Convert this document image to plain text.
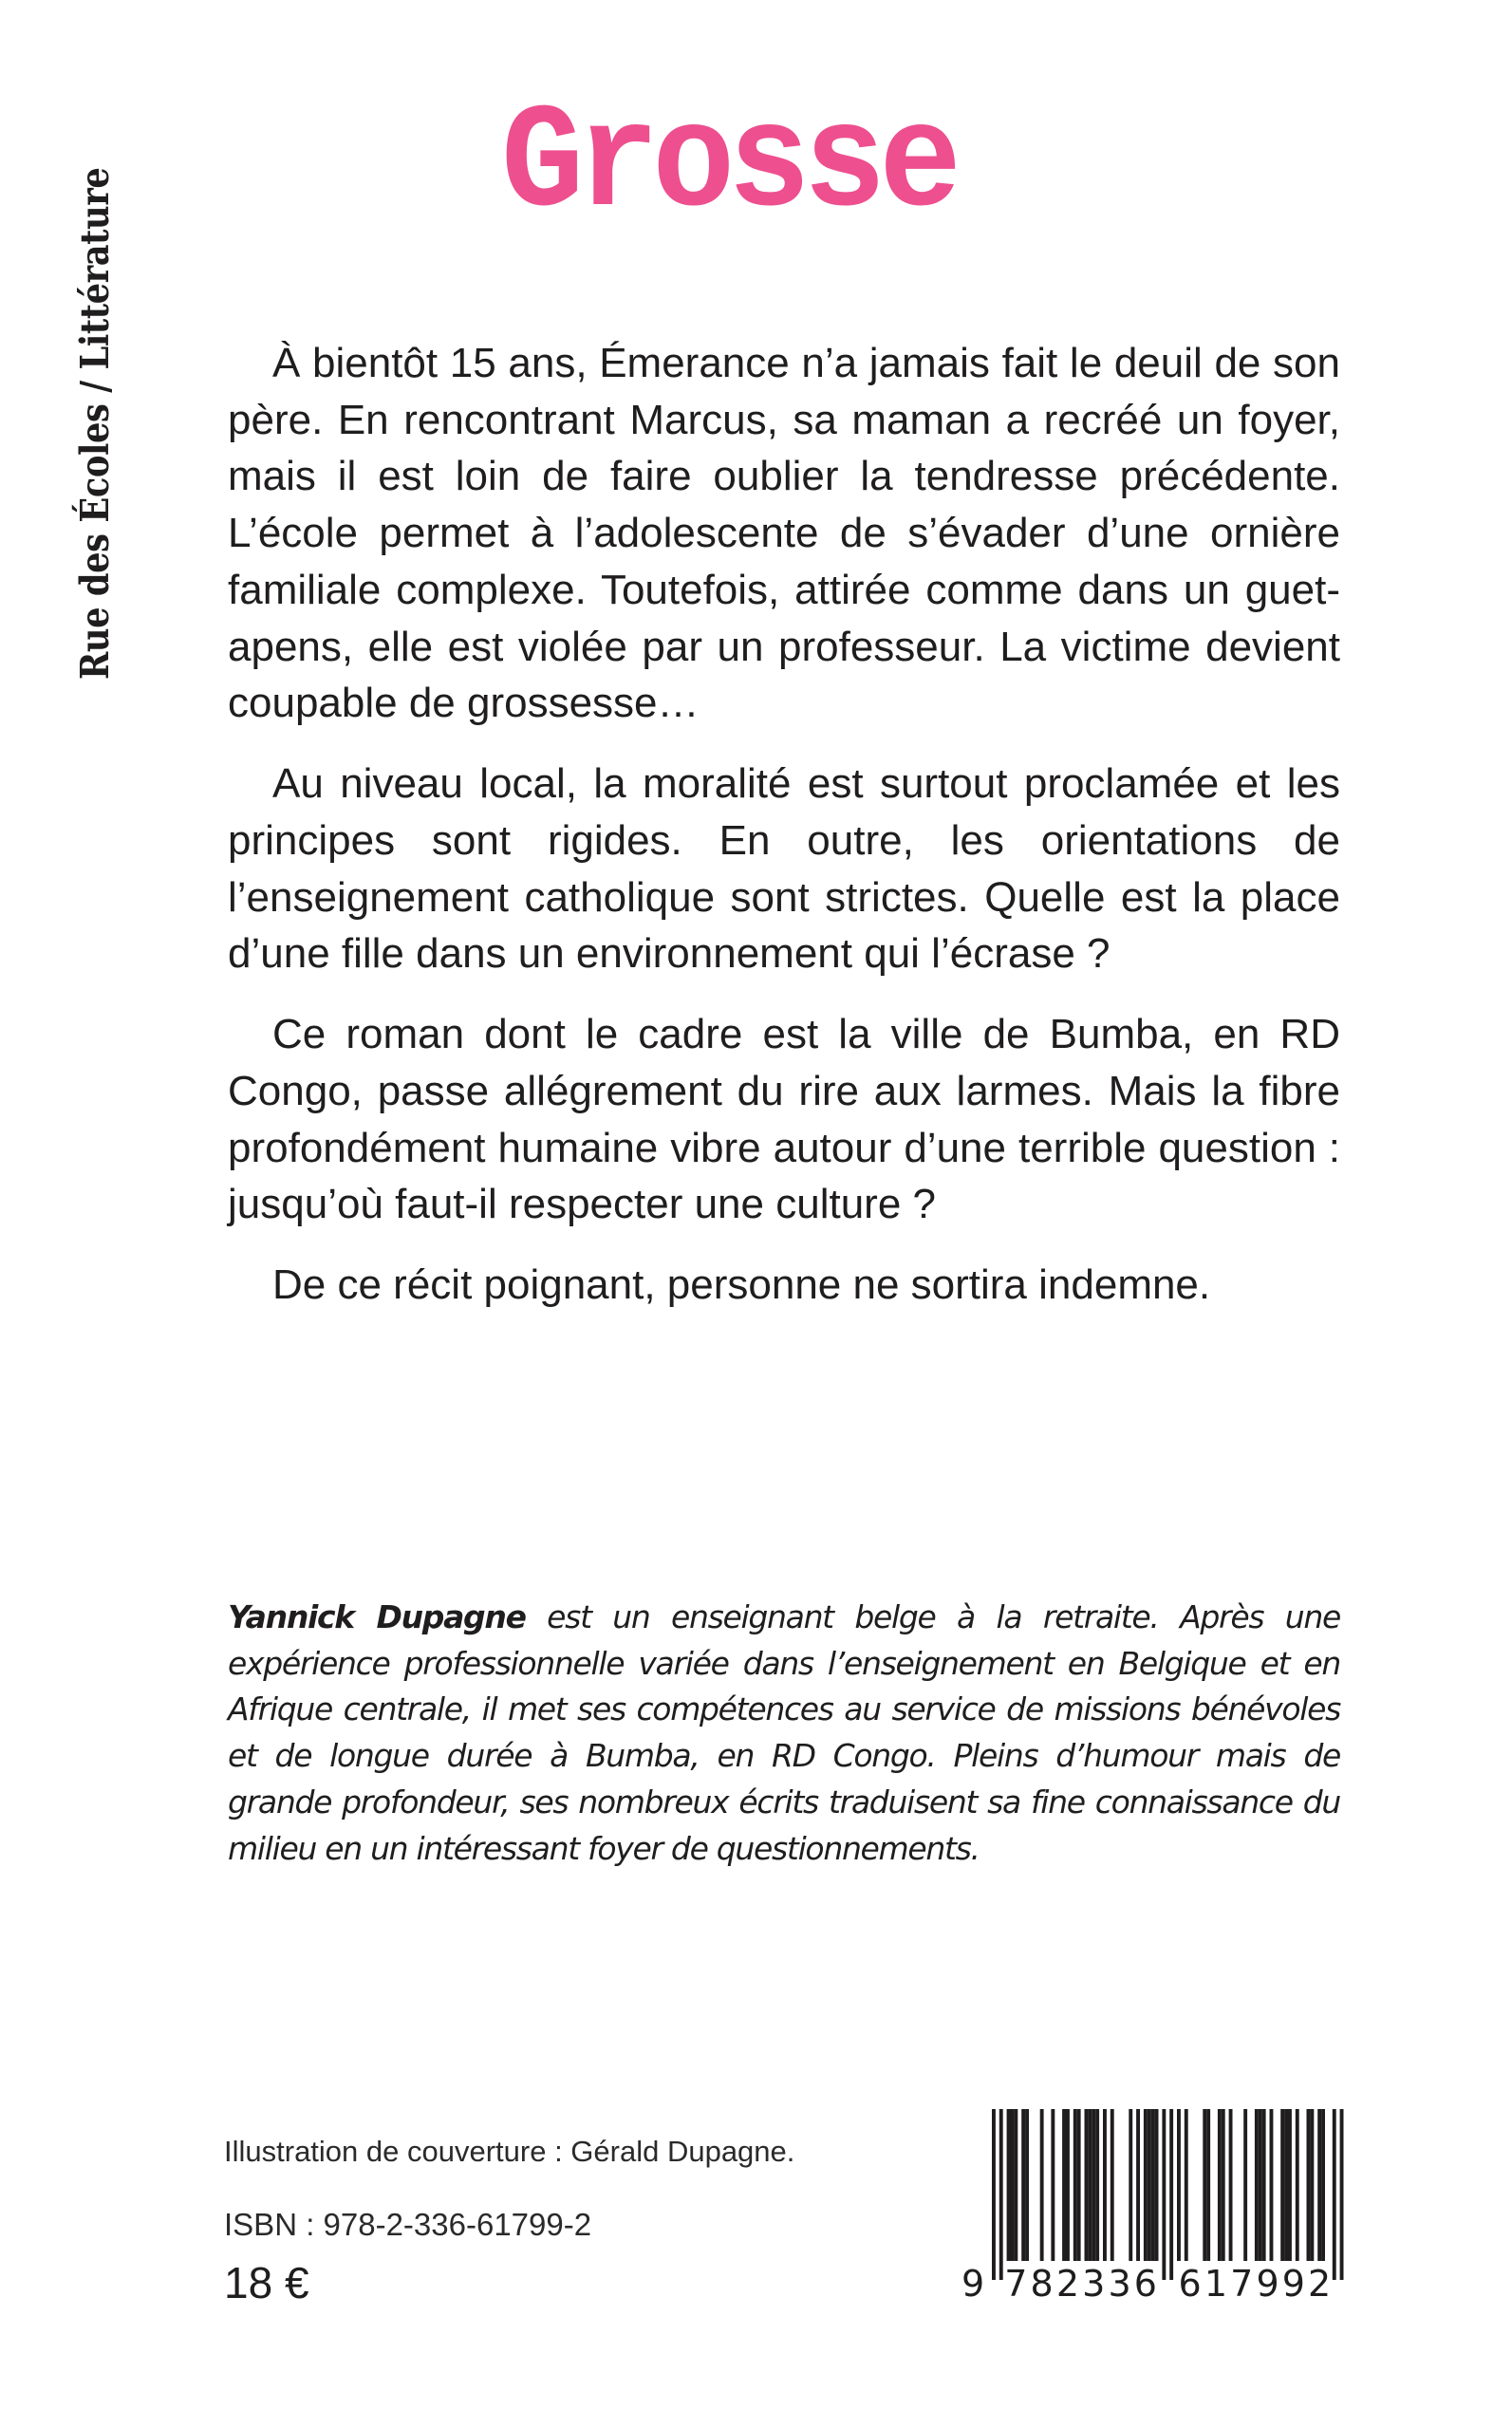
Rue des Écoles / Littérature
Grosse

À bientôt 15 ans, Émerance n’a jamais fait le deuil de son père. En rencontrant Marcus, sa maman a recréé un foyer, mais il est loin de faire oublier la tendresse précédente. L’école permet à l’adolescente de s’évader d’une ornière familiale complexe. Toutefois, attirée comme dans un guet-apens, elle est violée par un professeur. La victime devient coupable de grossesse…

Au niveau local, la moralité est surtout proclamée et les principes sont rigides. En outre, les orientations de l’enseignement catholique sont strictes. Quelle est la place d’une fille dans un environnement qui l’écrase ?

Ce roman dont le cadre est la ville de Bumba, en RD Congo, passe allégrement du rire aux larmes. Mais la fibre profondément humaine vibre autour d’une terrible question : jusqu’où faut-il respecter une culture ?

De ce récit poignant, personne ne sortira indemne.

Yannick Dupagne est un enseignant belge à la retraite. Après une expérience professionnelle variée dans l’enseignement en Belgique et en Afrique centrale, il met ses compétences au service de missions bénévoles et de longue durée à Bumba, en RD Congo. Pleins d’humour mais de grande profondeur, ses nombreux écrits traduisent sa fine connaissance du milieu en un intéressant foyer de questionnements.
Illustration de couverture : Gérald Dupagne.
ISBN : 978-2-336-61799-2
18 €	9 7 8 2 3 3 6 6 1 7 9 9 2
